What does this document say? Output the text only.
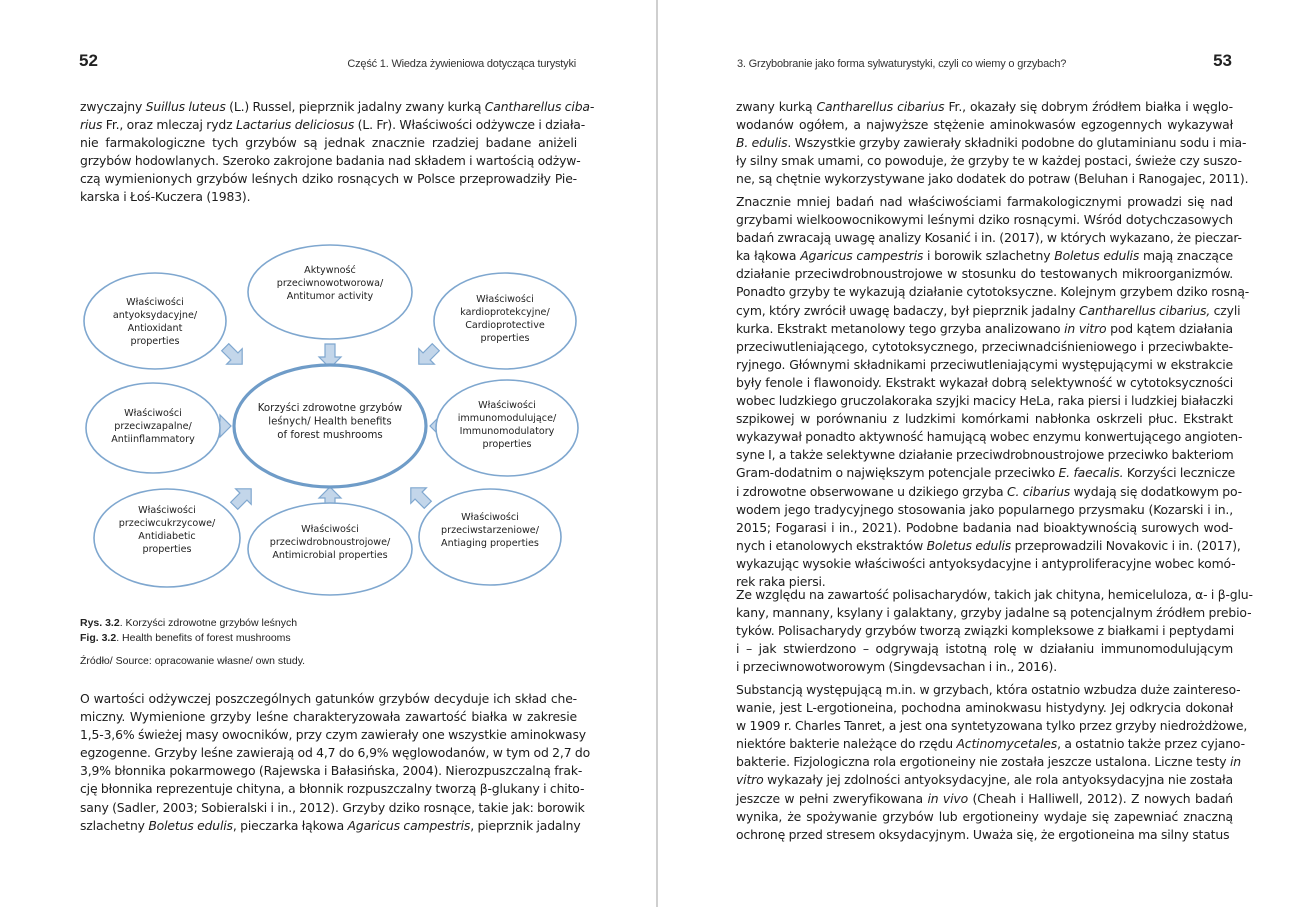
52	Część 1. Wiedza żywieniowa dotycząca turystyki
zwyczajny Suillus luteus (L.) Russel, pieprznik jadalny zwany kurką Cantharellus ciba-
rius Fr., oraz mleczaj rydz Lactarius deliciosus (L. Fr). Właściwości odżywcze i działa-
nie farmakologiczne tych grzybów są jednak znacznie rzadziej badane aniżeli
grzybów hodowlanych. Szeroko zakrojone badania nad składem i wartością odżyw-
czą wymienionych grzybów leśnych dziko rosnących w Polsce przeprowadziły Pie-
karska i Łoś-Kuczera (1983).
Aktywność
przeciwnowotworowa/
Antitumor activity
Właściwości
antyoksydacyjne/
Antioxidant
properties
Właściwości
kardioprotekcyjne/
Cardioprotective
properties
Właściwości
przeciwzapalne/
Antiinflammatory
Właściwości
immunomodulujące/
Immunomodulatory
properties
Właściwości
przeciwcukrzycowe/
Antidiabetic
properties
Właściwości
przeciwdrobnoustrojowe/
Antimicrobial properties
Właściwości
przeciwstarzeniowe/
Antiaging properties
Korzyści zdrowotne grzybów
leśnych/ Health benefits
of forest mushrooms

Rys. 3.2. Korzyści zdrowotne grzybów leśnych

Fig. 3.2. Health benefits of forest mushrooms

Źródło/ Source: opracowanie własne/ own study.

O wartości odżywczej poszczególnych gatunków grzybów decyduje ich skład che-
miczny. Wymienione grzyby leśne charakteryzowała zawartość białka w zakresie
1,5-3,6% świeżej masy owocników, przy czym zawierały one wszystkie aminokwasy
egzogenne. Grzyby leśne zawierają od 4,7 do 6,9% węglowodanów, w tym od 2,7 do
3,9% błonnika pokarmowego (Rajewska i Bałasińska, 2004). Nierozpuszczalną frak-
cję błonnika reprezentuje chityna, a błonnik rozpuszczalny tworzą β-glukany i chito-
sany (Sadler, 2003; Sobieralski i in., 2012). Grzyby dziko rosnące, takie jak: borowik
szlachetny Boletus edulis, pieczarka łąkowa Agaricus campestris, pieprznik jadalny
3. Grzybobranie jako forma sylwaturystyki, czyli co wiemy o grzybach?	53
zwany kurką Cantharellus cibarius Fr., okazały się dobrym źródłem białka i węglo-
wodanów ogółem, a najwyższe stężenie aminokwasów egzogennych wykazywał
B. edulis. Wszystkie grzyby zawierały składniki podobne do glutaminianu sodu i mia-
ły silny smak umami, co powoduje, że grzyby te w każdej postaci, świeże czy suszo-
ne, są chętnie wykorzystywane jako dodatek do potraw (Beluhan i Ranogajec, 2011).
Znacznie mniej badań nad właściwościami farmakologicznymi prowadzi się nad
grzybami wielkoowocnikowymi leśnymi dziko rosnącymi. Wśród dotychczasowych
badań zwracają uwagę analizy Kosanić i in. (2017), w których wykazano, że pieczar-
ka łąkowa Agaricus campestris i borowik szlachetny Boletus edulis mają znaczące
działanie przeciwdrobnoustrojowe w stosunku do testowanych mikroorganizmów.
Ponadto grzyby te wykazują działanie cytotoksyczne. Kolejnym grzybem dziko rosną-
cym, który zwrócił uwagę badaczy, był pieprznik jadalny Cantharellus cibarius, czyli
kurka. Ekstrakt metanolowy tego grzyba analizowano in vitro pod kątem działania
przeciwutleniającego, cytotoksycznego, przeciwnadciśnieniowego i przeciwbakte-
ryjnego. Głównymi składnikami przeciwutleniającymi występującymi w ekstrakcie
były fenole i flawonoidy. Ekstrakt wykazał dobrą selektywność w cytotoksyczności
wobec ludzkiego gruczolakoraka szyjki macicy HeLa, raka piersi i ludzkiej białaczki
szpikowej w porównaniu z ludzkimi komórkami nabłonka oskrzeli płuc. Ekstrakt
wykazywał ponadto aktywność hamującą wobec enzymu konwertującego angioten-
syne I, a także selektywne działanie przeciwdrobnoustrojowe przeciwko bakteriom
Gram-dodatnim o największym potencjale przeciwko E. faecalis. Korzyści lecznicze
i zdrowotne obserwowane u dzikiego grzyba C. cibarius wydają się dodatkowym po-
wodem jego tradycyjnego stosowania jako popularnego przysmaku (Kozarski i in.,
2015; Fogarasi i in., 2021). Podobne badania nad bioaktywnością surowych wod-
nych i etanolowych ekstraktów Boletus edulis przeprowadzili Novakovic i in. (2017),
wykazując wysokie właściwości antyoksydacyjne i antyproliferacyjne wobec komó-
rek raka piersi.
Ze względu na zawartość polisacharydów, takich jak chityna, hemiceluloza, α- i β-glu-
kany, mannany, ksylany i galaktany, grzyby jadalne są potencjalnym źródłem prebio-
tyków. Polisacharydy grzybów tworzą związki kompleksowe z białkami i peptydami
i – jak stwierdzono – odgrywają istotną rolę w działaniu immunomodulującym
i przeciwnowotworowym (Singdevsachan i in., 2016).
Substancją występującą m.in. w grzybach, która ostatnio wzbudza duże zaintereso-
wanie, jest L-ergotioneina, pochodna aminokwasu histydyny. Jej odkrycia dokonał
w 1909 r. Charles Tanret, a jest ona syntetyzowana tylko przez grzyby niedrożdżowe,
niektóre bakterie należące do rzędu Actinomycetales, a ostatnio także przez cyjano-
bakterie. Fizjologiczna rola ergotioneiny nie została jeszcze ustalona. Liczne testy in
vitro wykazały jej zdolności antyoksydacyjne, ale rola antyoksydacyjna nie została
jeszcze w pełni zweryfikowana in vivo (Cheah i Halliwell, 2012). Z nowych badań
wynika, że spożywanie grzybów lub ergotioneiny wydaje się zapewniać znaczną
ochronę przed stresem oksydacyjnym. Uważa się, że ergotioneina ma silny status
